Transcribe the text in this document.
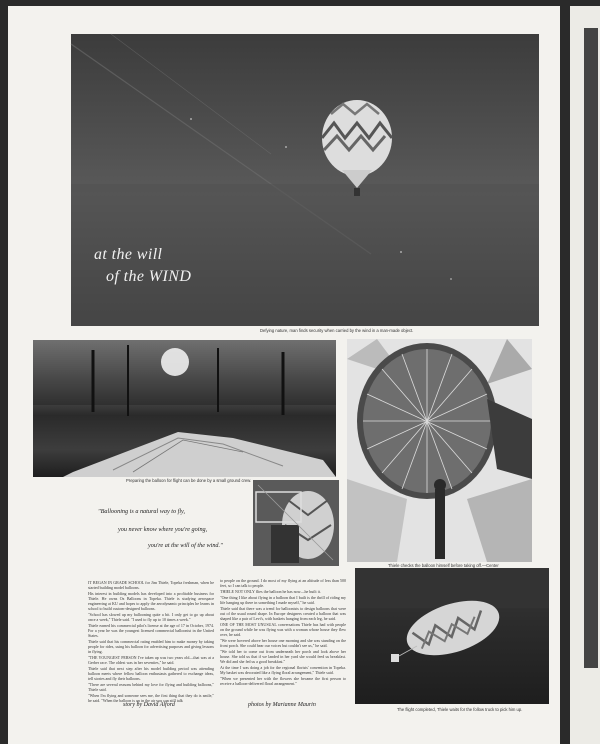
at the will
of the WIND
Defying nature, man finds security when carried by the wind in a man-made object.
Preparing the balloon for flight can be done by a small ground crew.
Thiele checks the balloon himself before taking off.—Center
"Ballooning is a natural way to fly,
you never know where you're going,
you're at the will of the wind."

IT BEGAN IN GRADE SCHOOL for Jim Thiele, Topeka freshman, when he started building model balloons.

His interest in building models has developed into a profitable business for Thiele. He owns Oz Balloons in Topeka. Thiele is studying aerospace engineering at KU and hopes to apply the aerodynamic principles he learns in school to build custom-designed balloons.

"School has slowed up my ballooning quite a bit. I only get to go up about once a week," Thiele said. "I used to fly up to 10 times a week."

Thiele earned his commercial pilot's license at the age of 17 in October, 1974. For a year he was the youngest licensed commercial balloonist in the United States.

Thiele said that his commercial rating enabled him to make money by taking people for rides, using his balloon for advertising purposes and giving lessons in flying.

"THE YOUNGEST PERSON I've taken up was two years old—that was at a Gerber race. The oldest was in her seventies," he said.

Thiele said that next step after his model building period was attending balloon meets where fellow balloon enthusiasts gathered to exchange ideas, tell stories and fly their balloons.

"There are several reasons behind my love for flying and building balloons," Thiele said.

"When I'm flying and someone sees me, the first thing that they do is smile," he said. "When the balloon is up in the air you can still talk

to people on the ground. I do most of my flying at an altitude of less than 500 feet, so I can talk to people.

THIELE NOT ONLY flies the balloon he has now—he built it.

"One thing I like about flying in a balloon that I built is the thrill of riding my life hanging up there in something I made myself," he said.

Thiele said that there was a trend for balloonists to design balloons that were out of the usual round shape. In Europe designers created a balloon that was shaped like a pair of Levi's, with baskets hanging from each leg, he said.

ONE OF THE MOST UNUSUAL conversations Thiele has had with people on the ground while he was flying was with a woman whose house they flew over, he said.

"We were hovered above her house one morning and she was standing on the front porch. She could hear our voices but couldn't see us," he said.

"We told her to come out from underneath her porch and look above her house. She told us that if we landed in her yard she would feed us breakfast. We did and she fed us a good breakfast."

At the time I was doing a job for the regional florists' convention in Topeka. My basket was decorated like a flying floral arrangement," Thiele said.

"When we presented her with the flowers she became the first person to receive a balloon-delivered floral arrangement."

The flight completed, Thiele waits for the follow truck to pick him up.
story by David Alford	photos by Marianne Maurin
